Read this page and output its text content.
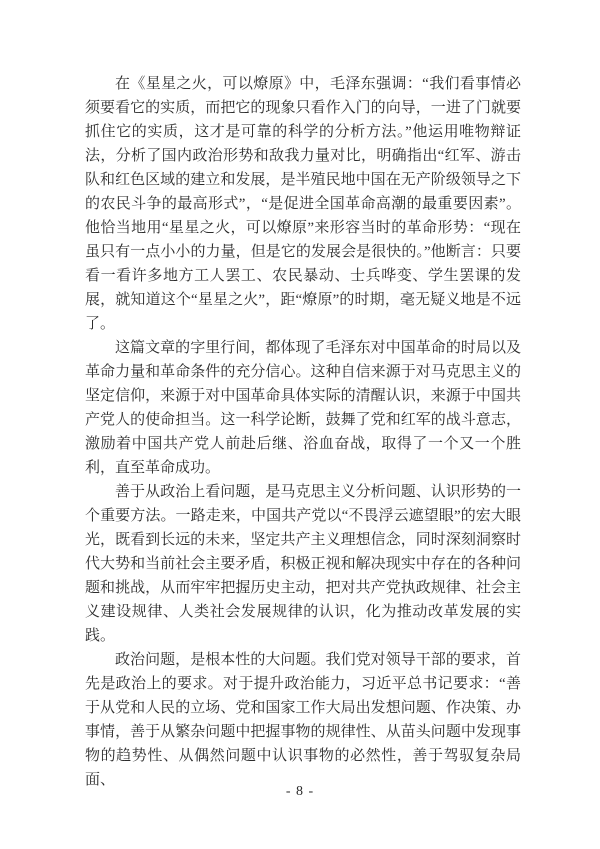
在《星星之火，可以燎原》中，毛泽东强调：“我们看事情必须要看它的实质，而把它的现象只看作入门的向导，一进了门就要抓住它的实质，这才是可靠的科学的分析方法。”他运用唯物辩证法，分析了国内政治形势和敌我力量对比，明确指出“红军、游击队和红色区域的建立和发展，是半殖民地中国在无产阶级领导之下的农民斗争的最高形式”，“是促进全国革命高潮的最重要因素”。他恰当地用“星星之火，可以燎原”来形容当时的革命形势：“现在虽只有一点小小的力量，但是它的发展会是很快的。”他断言：只要看一看许多地方工人罢工、农民暴动、士兵哗变、学生罢课的发展，就知道这个“星星之火”，距“燎原”的时期，毫无疑义地是不远了。

这篇文章的字里行间，都体现了毛泽东对中国革命的时局以及革命力量和革命条件的充分信心。这种自信来源于对马克思主义的坚定信仰，来源于对中国革命具体实际的清醒认识，来源于中国共产党人的使命担当。这一科学论断，鼓舞了党和红军的战斗意志，激励着中国共产党人前赴后继、浴血奋战，取得了一个又一个胜利，直至革命成功。

善于从政治上看问题，是马克思主义分析问题、认识形势的一个重要方法。一路走来，中国共产党以“不畏浮云遮望眼”的宏大眼光，既看到长远的未来，坚定共产主义理想信念，同时深刻洞察时代大势和当前社会主要矛盾，积极正视和解决现实中存在的各种问题和挑战，从而牢牢把握历史主动，把对共产党执政规律、社会主义建设规律、人类社会发展规律的认识，化为推动改革发展的实践。

政治问题，是根本性的大问题。我们党对领导干部的要求，首先是政治上的要求。对于提升政治能力，习近平总书记要求：“善于从党和人民的立场、党和国家工作大局出发想问题、作决策、办事情，善于从繁杂问题中把握事物的规律性、从苗头问题中发现事物的趋势性、从偶然问题中认识事物的必然性，善于驾驭复杂局面、

- 8 -
